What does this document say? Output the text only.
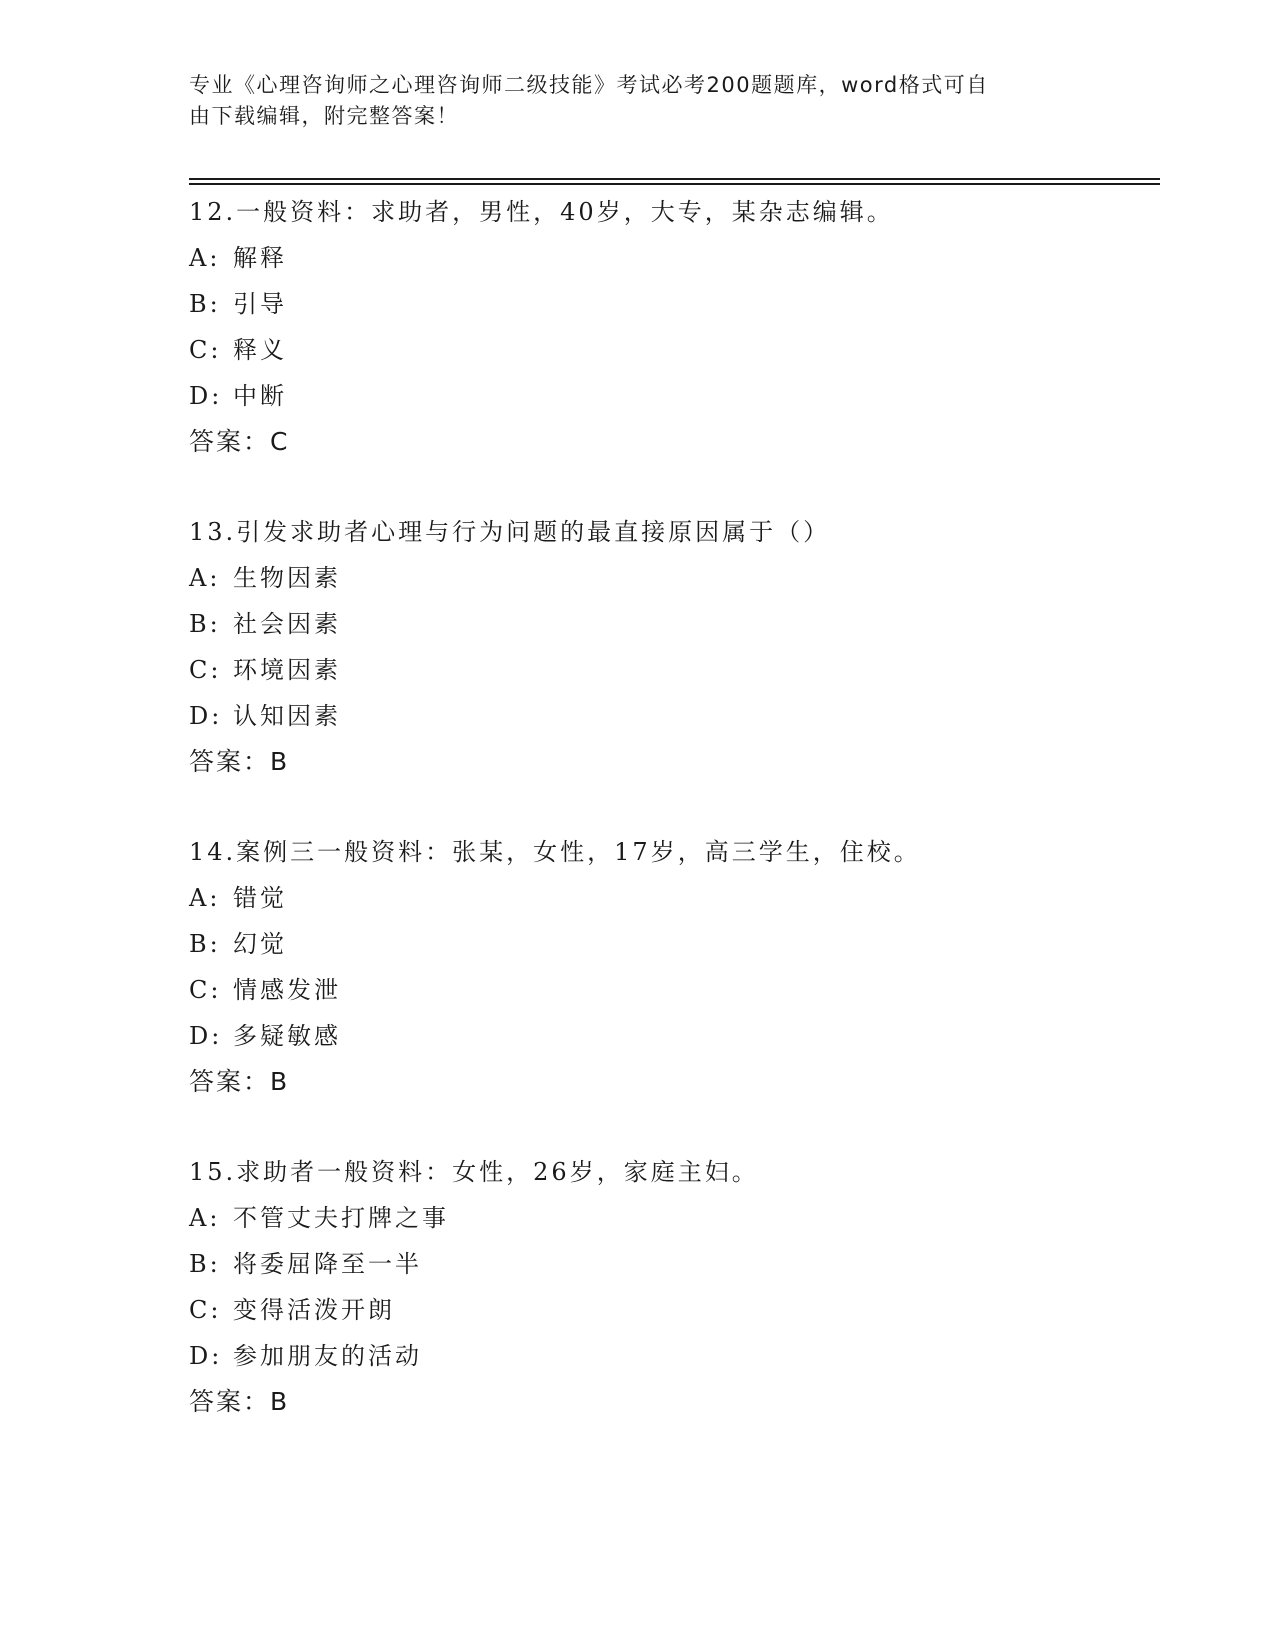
专业《心理咨询师之心理咨询师二级技能》考试必考200题题库，word格式可自
由下载编辑，附完整答案！
12.一般资料：求助者，男性，40岁，大专，某杂志编辑。
A: 解释
B: 引导
C: 释义
D: 中断
答案：C
13.引发求助者心理与行为问题的最直接原因属于（）
A: 生物因素
B: 社会因素
C: 环境因素
D: 认知因素
答案：B
14.案例三一般资料：张某，女性，17岁，高三学生，住校。
A: 错觉
B: 幻觉
C: 情感发泄
D: 多疑敏感
答案：B
15.求助者一般资料：女性，26岁，家庭主妇。
A: 不管丈夫打牌之事
B: 将委屈降至一半
C: 变得活泼开朗
D: 参加朋友的活动
答案：B
